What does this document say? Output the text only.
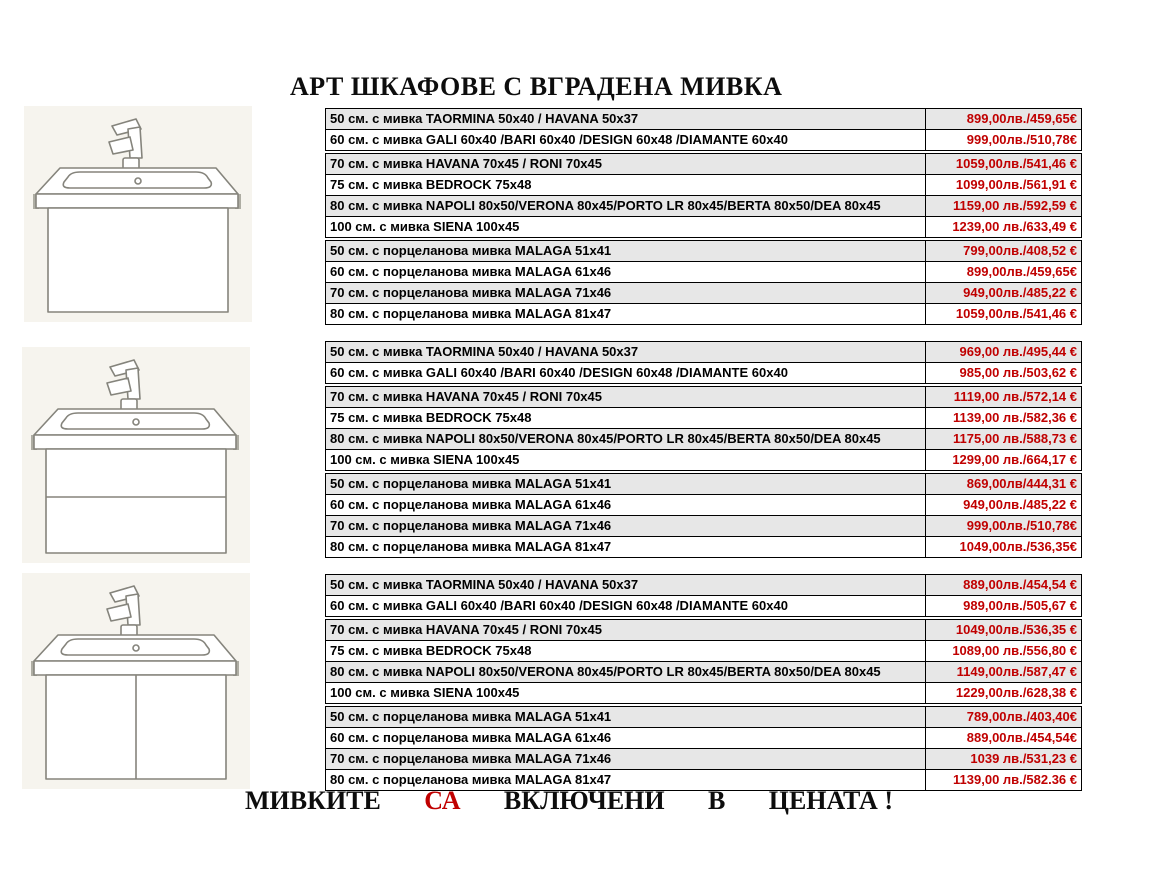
АРТ ШКАФОВЕ С ВГРАДЕНА МИВКА
50 см. с мивка TAORMINA 50x40 / HAVANA 50x37	899,00лв./459,65€
60 см. с мивка GALI 60x40 /BARI 60x40 /DESIGN 60x48 /DIAMANTE 60x40	999,00лв./510,78€
70 см. с мивка HAVANA 70x45 / RONI 70x45	1059,00лв./541,46 €
75 см. с мивка BEDROCK 75x48	1099,00лв./561,91 €
80 см. с мивка NAPOLI 80x50/VERONA 80x45/PORTO LR 80x45/BERTA 80x50/DEA 80x45	1159,00 лв./592,59 €
100 см. с мивка SIENA 100x45	1239,00 лв./633,49 €
50 см. с порцеланова мивка MALAGA 51x41	799,00лв./408,52 €
60 см. с порцеланова мивка MALAGA 61x46	899,00лв./459,65€
70 см. с порцеланова мивка MALAGA 71x46	949,00лв./485,22 €
80 см. с порцеланова мивка MALAGA 81x47	1059,00лв./541,46 €
50 см. с мивка TAORMINA 50x40 / HAVANA 50x37	969,00 лв./495,44 €
60 см. с мивка GALI 60x40 /BARI 60x40 /DESIGN 60x48 /DIAMANTE 60x40	985,00 лв./503,62 €
70 см. с мивка HAVANA 70x45 / RONI 70x45	1119,00 лв./572,14 €
75 см. с мивка BEDROCK 75x48	1139,00 лв./582,36 €
80 см. с мивка NAPOLI 80x50/VERONA 80x45/PORTO LR 80x45/BERTA 80x50/DEA 80x45	1175,00 лв./588,73 €
100 см. с мивка SIENA 100x45	1299,00 лв./664,17 €
50 см. с порцеланова мивка MALAGA 51x41	869,00лв/444,31 €
60 см. с порцеланова мивка MALAGA 61x46	949,00лв./485,22 €
70 см. с порцеланова мивка MALAGA 71x46	999,00лв./510,78€
80 см. с порцеланова мивка MALAGA 81x47	1049,00лв./536,35€
50 см. с мивка TAORMINA 50x40 / HAVANA 50x37	889,00лв./454,54 €
60 см. с мивка GALI 60x40 /BARI 60x40 /DESIGN 60x48 /DIAMANTE 60x40	989,00лв./505,67 €
70 см. с мивка HAVANA 70x45 / RONI 70x45	1049,00лв./536,35 €
75 см. с мивка BEDROCK 75x48	1089,00 лв./556,80 €
80 см. с мивка NAPOLI 80x50/VERONA 80x45/PORTO LR 80x45/BERTA 80x50/DEA 80x45	1149,00лв./587,47 €
100 см. с мивка SIENA 100x45	1229,00лв./628,38 €
50 см. с порцеланова мивка MALAGA 51x41	789,00лв./403,40€
60 см. с порцеланова мивка MALAGA 61x46	889,00лв./454,54€
70 см. с порцеланова мивка MALAGA 71x46	1039 лв./531,23 €
80 см. с порцеланова мивка MALAGA 81x47	1139,00 лв./582.36 €
МИВКИТЕ СА ВКЛЮЧЕНИ В ЦЕНАТА !
